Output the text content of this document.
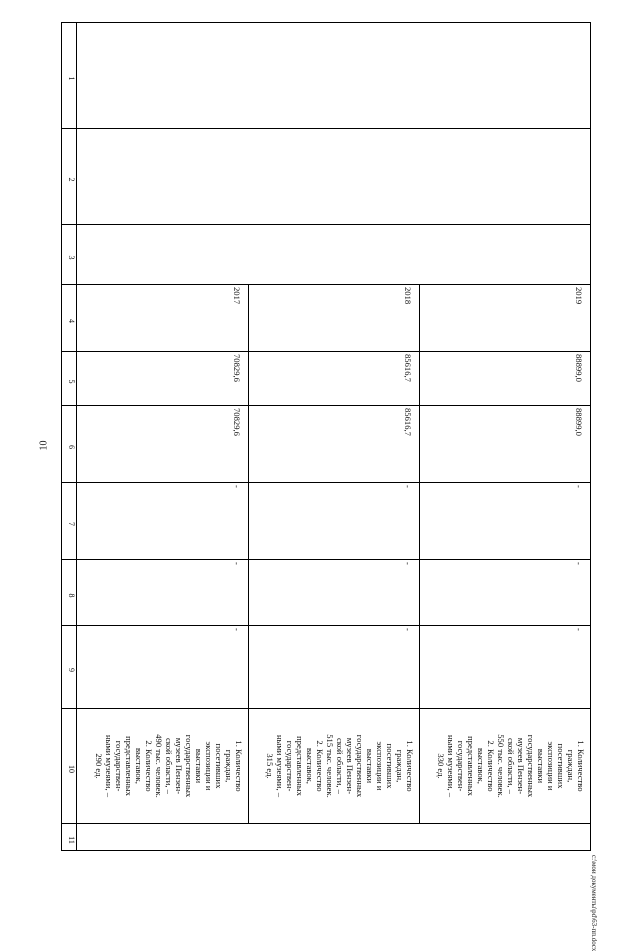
10
c:\мои документы\pd\63-пп.docx
1
2
3
4
5
6
7
8
9
10
11
2017
70829,6
70829,6
-
-
-
1. Количество
граждан,
посетивших
экспозиции и
выставки
государственных
музеев Пензен-
ской области, –
490 тыс. человек.
2. Количество
выставок,
представленных
государствен-
ными музеями, –
290 ед.
2018
85616,7
85616,7
-
-
-
1. Количество
граждан,
посетивших
экспозиции и
выставки
государственных
музеев Пензен-
ской области, –
515 тыс. человек.
2. Количество
выставок,
представленных
государствен-
ными музеями, –
315 ед.
2019
88899,0
88899,0
-
-
-
1. Количество
граждан,
посетивших
экспозиции и
выставки
государственных
музеев Пензен-
ской области, –
550 тыс. человек.
2. Количество
выставок,
представленных
государствен-
ными музеями, –
330 ед.
